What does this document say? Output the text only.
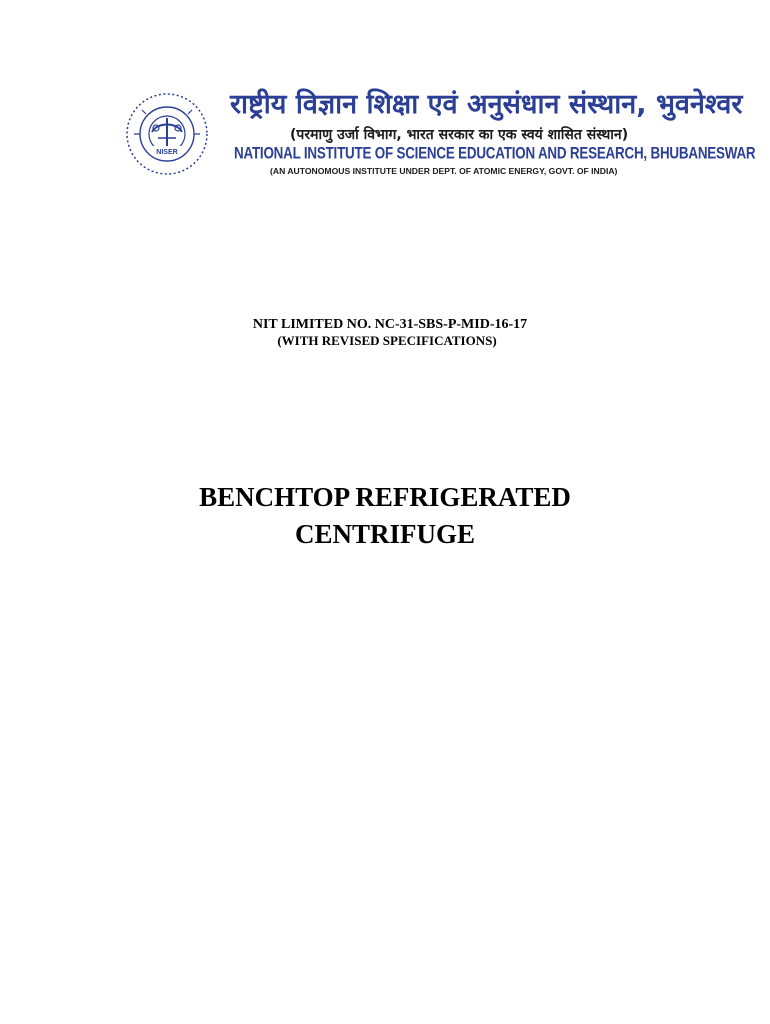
NISER
राष्ट्रीय विज्ञान शिक्षा एवं अनुसंधान संस्थान, भुवनेश्वर
(परमाणु उर्जा विभाग, भारत सरकार का एक स्वयं शासित संस्थान)
NATIONAL INSTITUTE OF SCIENCE EDUCATION AND RESEARCH, BHUBANESWAR
(AN AUTONOMOUS INSTITUTE UNDER DEPT. OF ATOMIC ENERGY, GOVT. OF INDIA)
NIT LIMITED NO. NC-31-SBS-P-MID-16-17
(WITH REVISED SPECIFICATIONS)
BENCHTOP REFRIGERATED
CENTRIFUGE
